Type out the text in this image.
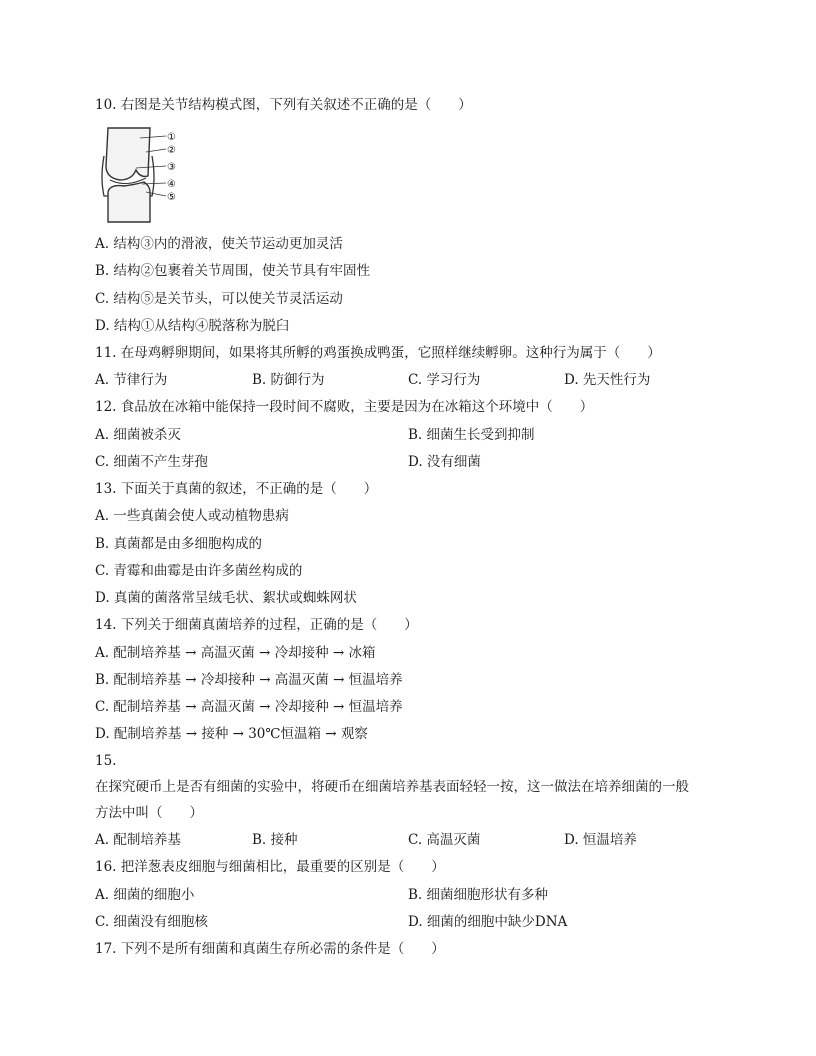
10. 右图是关节结构模式图，下列有关叙述不正确的是（　　）
①
②
③
④
⑤
A. 结构③内的滑液，使关节运动更加灵活
B. 结构②包裹着关节周围，使关节具有牢固性
C. 结构⑤是关节头，可以使关节灵活运动
D. 结构①从结构④脱落称为脱臼
11. 在母鸡孵卵期间，如果将其所孵的鸡蛋换成鸭蛋，它照样继续孵卵。这种行为属于（　　）
A. 节律行为	B. 防御行为	C. 学习行为	D. 先天性行为
12. 食品放在冰箱中能保持一段时间不腐败，主要是因为在冰箱这个环境中（　　）
A. 细菌被杀灭	B. 细菌生长受到抑制
C. 细菌不产生芽孢	D. 没有细菌
13. 下面关于真菌的叙述，不正确的是（　　）
A. 一些真菌会使人或动植物患病
B. 真菌都是由多细胞构成的
C. 青霉和曲霉是由许多菌丝构成的
D. 真菌的菌落常呈绒毛状、絮状或蜘蛛网状
14. 下列关于细菌真菌培养的过程，正确的是（　　）
A. 配制培养基 → 高温灭菌 → 冷却接种 → 冰箱
B. 配制培养基 → 冷却接种 → 高温灭菌 → 恒温培养
C. 配制培养基 → 高温灭菌 → 冷却接种 → 恒温培养
D. 配制培养基 → 接种 → 30℃恒温箱 → 观察
15.
在探究硬币上是否有细菌的实验中，将硬币在细菌培养基表面轻轻一按，这一做法在培养细菌的一般
方法中叫（　　）
A. 配制培养基	B. 接种	C. 高温灭菌	D. 恒温培养
16. 把洋葱表皮细胞与细菌相比，最重要的区别是（　　）
A. 细菌的细胞小	B. 细菌细胞形状有多种
C. 细菌没有细胞核	D. 细菌的细胞中缺少DNA
17. 下列不是所有细菌和真菌生存所必需的条件是（　　）
